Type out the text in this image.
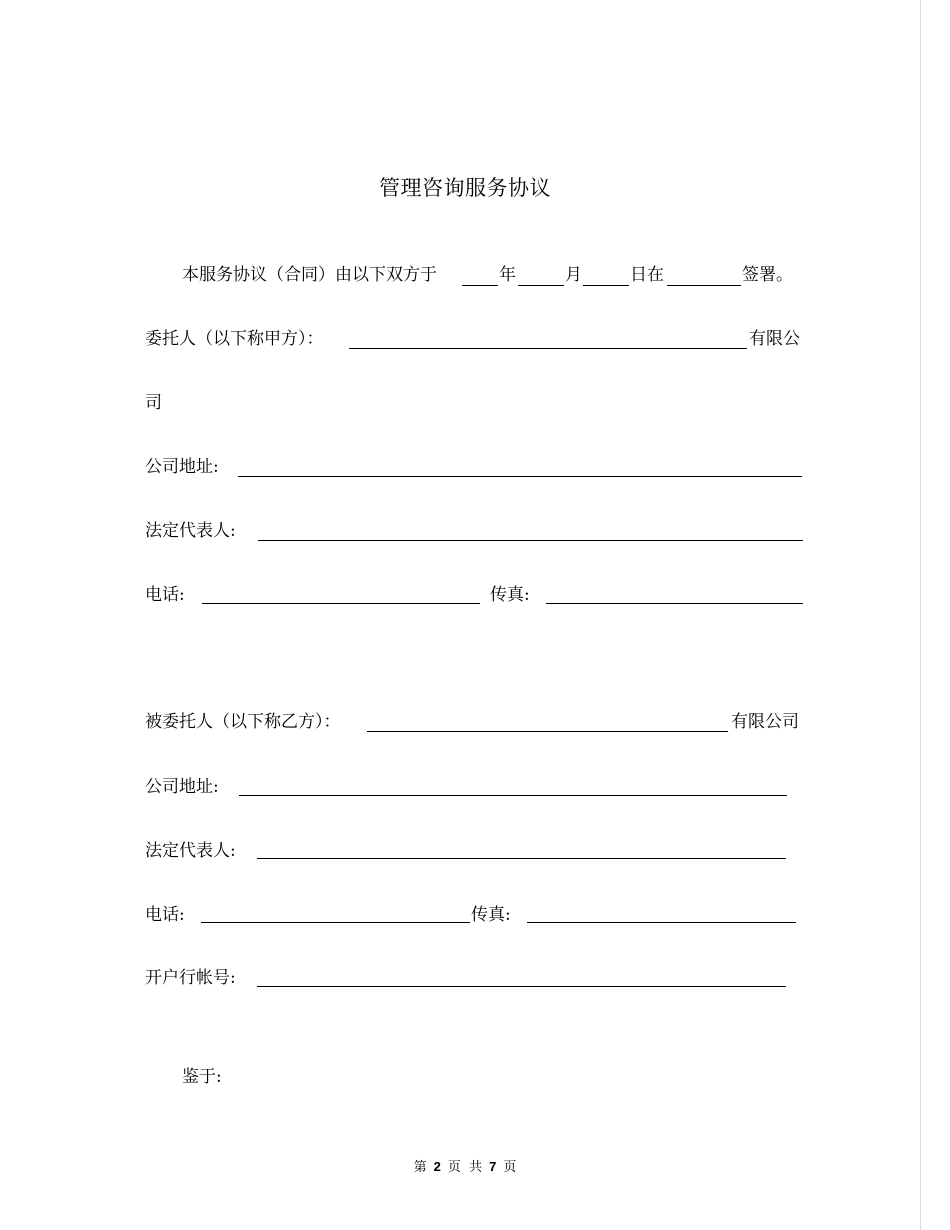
管理咨询服务协议
本服务协议（合同）由以下双方于	年	月	日在	签署。
委托人（以下称甲方）：	有限公
司
公司地址:
法定代表人:
电话:	传真:
被委托人（以下称乙方）：	有限公司
公司地址:
法定代表人:
电话:	传真:
开户行帐号:
鉴于:
第 2 页 共 7 页
